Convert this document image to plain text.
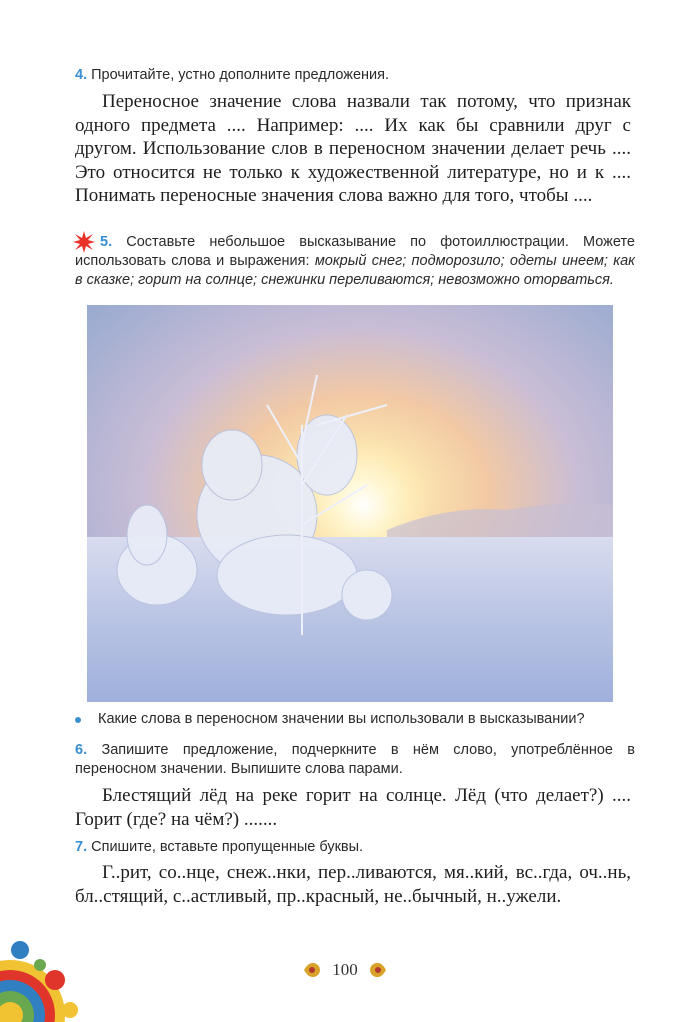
4. Прочитайте, устно дополните предложения.
Переносное значение слова назвали так потому, что признак одного предмета .... Например: .... Их как бы сравнили друг с другом. Использование слов в переносном значении делает речь .... Это относится не только к художественной литературе, но и к .... Понимать переносные значения слова важно для того, чтобы ....
5. Составьте небольшое высказывание по фотоиллюстрации. Можете использовать слова и выражения: мокрый снег; подморозило; одеты инеем; как в сказке; горит на солнце; снежинки переливаются; невозможно оторваться.
Какие слова в переносном значении вы использовали в высказывании?
6. Запишите предложение, подчеркните в нём слово, употреблённое в переносном значении. Выпишите слова парами.
Блестящий лёд на реке горит на солнце. Лёд (что делает?) .... Горит (где? на чём?) .......
7. Спишите, вставьте пропущенные буквы.
Г..рит, со..нце, снеж..нки, пер..ливаются, мя..кий, вс..гда, оч..нь, бл..стящий, с..астливый, пр..красный, не..бычный, н..ужели.
100
